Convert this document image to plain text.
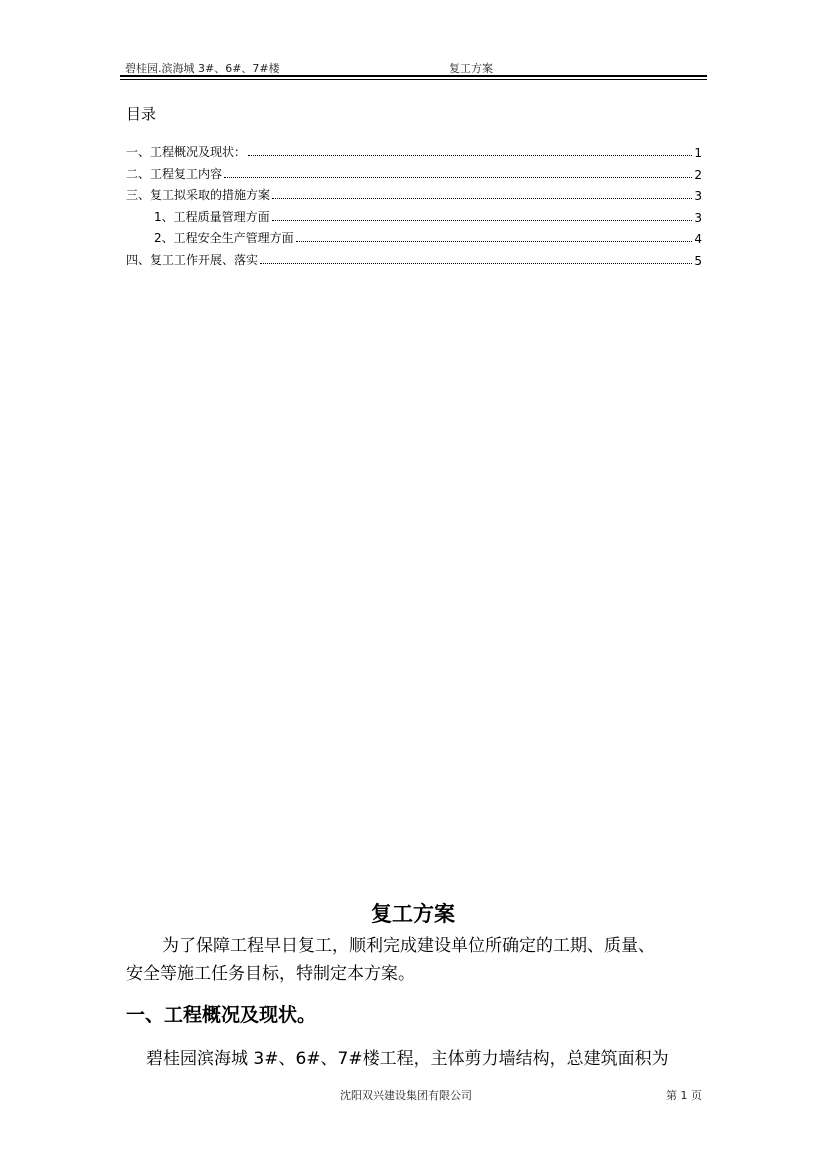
碧桂园.滨海城 3#、6#、7#楼	复工方案
目录
一、工程概况及现状：	1
二、工程复工内容	2
三、复工拟采取的措施方案	3
1、工程质量管理方面	3
2、工程安全生产管理方面	4
四、复工工作开展、落实	5
复工方案
为了保障工程早日复工，顺利完成建设单位所确定的工期、质量、
安全等施工任务目标，特制定本方案。
一、工程概况及现状。
碧桂园滨海城 3#、6#、7#楼工程，主体剪力墙结构，总建筑面积为
沈阳双兴建设集团有限公司	第 1 页
